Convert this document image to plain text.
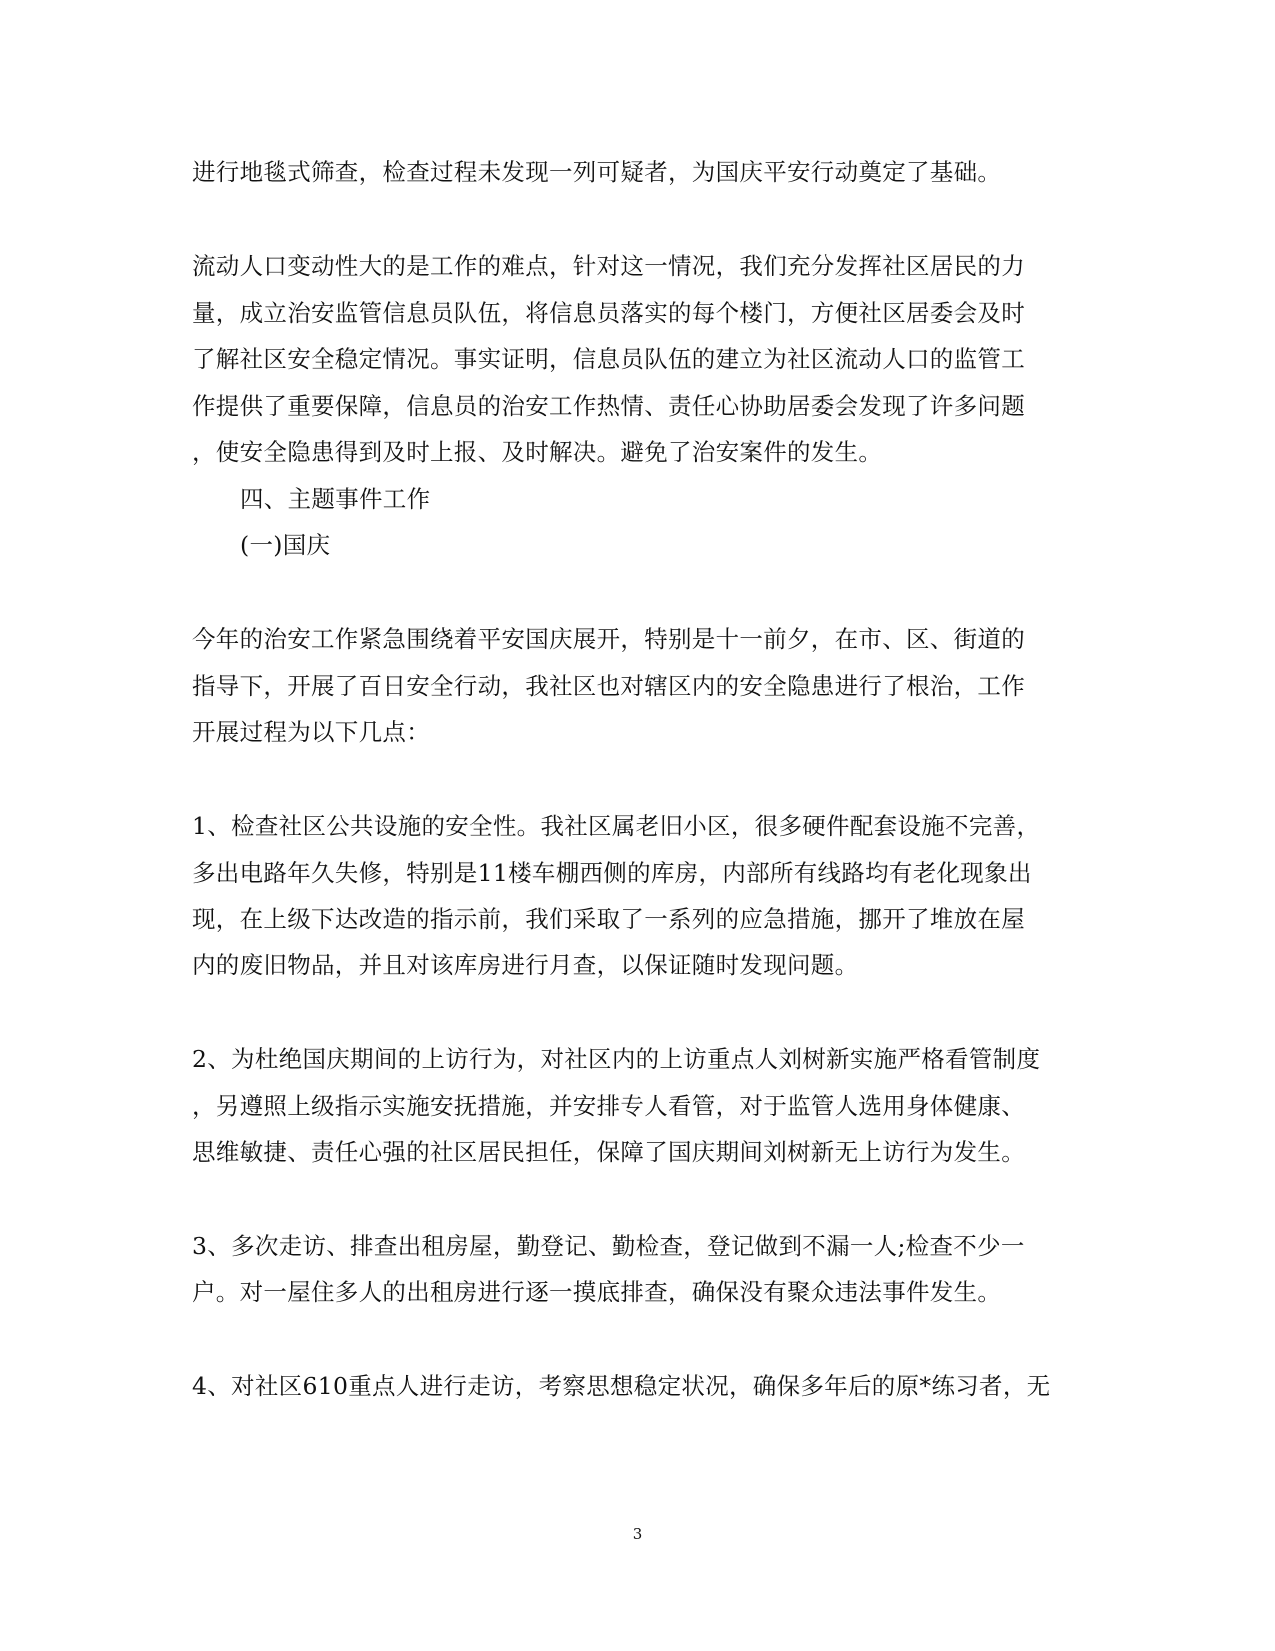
进行地毯式筛查，检查过程未发现一列可疑者，为国庆平安行动奠定了基础。
流动人口变动性大的是工作的难点，针对这一情况，我们充分发挥社区居民的力
量，成立治安监管信息员队伍，将信息员落实的每个楼门，方便社区居委会及时
了解社区安全稳定情况。事实证明，信息员队伍的建立为社区流动人口的监管工
作提供了重要保障，信息员的治安工作热情、责任心协助居委会发现了许多问题
，使安全隐患得到及时上报、及时解决。避免了治安案件的发生。
四、主题事件工作
(一)国庆
今年的治安工作紧急围绕着平安国庆展开，特别是十一前夕，在市、区、街道的
指导下，开展了百日安全行动，我社区也对辖区内的安全隐患进行了根治，工作
开展过程为以下几点：
1、检查社区公共设施的安全性。我社区属老旧小区，很多硬件配套设施不完善，
多出电路年久失修，特别是11楼车棚西侧的库房，内部所有线路均有老化现象出
现，在上级下达改造的指示前，我们采取了一系列的应急措施，挪开了堆放在屋
内的废旧物品，并且对该库房进行月查，以保证随时发现问题。
2、为杜绝国庆期间的上访行为，对社区内的上访重点人刘树新实施严格看管制度
，另遵照上级指示实施安抚措施，并安排专人看管，对于监管人选用身体健康、
思维敏捷、责任心强的社区居民担任，保障了国庆期间刘树新无上访行为发生。
3、多次走访、排查出租房屋，勤登记、勤检查，登记做到不漏一人;检查不少一
户。对一屋住多人的出租房进行逐一摸底排查，确保没有聚众违法事件发生。
4、对社区610重点人进行走访，考察思想稳定状况，确保多年后的原*练习者，无
3
